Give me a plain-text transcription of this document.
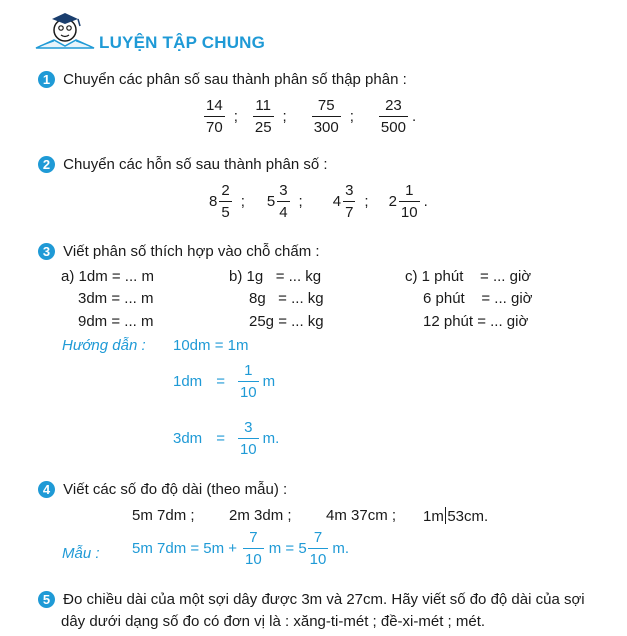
LUYỆN TẬP CHUNG
1 Chuyển các phân số sau thành phân số thập phân :
$\frac{14}{70}$ ; $\frac{11}{25}$ ; $\frac{75}{300}$ ; $\frac{23}{500}$ .
2 Chuyển các hỗn số sau thành phân số :
$8 \frac{2}{5}$ ; $5 \frac{3}{4}$ ; $4 \frac{3}{7}$ ; $2 \frac{1}{10}$ .
3 Viết phân số thích hợp vào chỗ chấm :
a) 1dm = ... m
3dm = ... m
9dm = ... m
b) 1g   = ... kg
8g   = ... kg
25g = ... kg
c) 1 phút    = ... giờ
6 phút    = ... giờ
12 phút = ... giờ
Hướng dẫn : 10dm = 1m
$1dm = \frac{1}{10}$ m
$3dm = \frac{3}{10} m$.
4 Viết các số đo độ dài (theo mẫu) :
5m 7dm ; 2m 3dm ; 4m 37cm ; 1m 53cm.
Mẫu : 5m $7dm = 5m + \frac{7}{10}$ $m = 5 \frac{7}{10} m$.
5 Đo chiều dài của một sợi dây được 3m và 27cm. Hãy viết số đo độ dài của sợi
dây dưới dạng số đo có đơn vị là : xăng-ti-mét ; đề-xi-mét ; mét.
